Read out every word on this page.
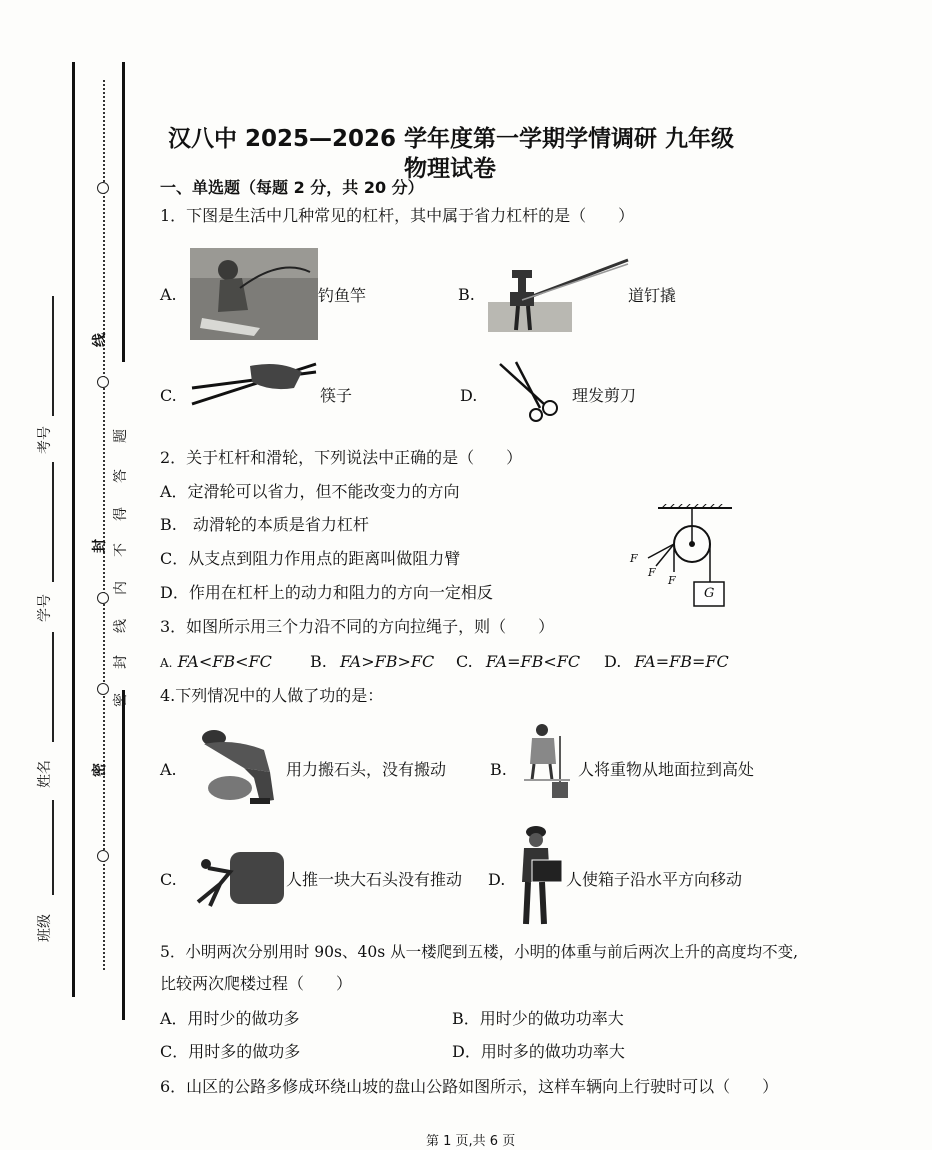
线
封
密
题
答
得
不
内
线
封
密
考号
学号
姓名
班级
汉八中 2025—2026 学年度第一学期学情调研 九年级
物理试卷
一、单选题（每题 2 分，共 20 分）
1．下图是生活中几种常见的杠杆，其中属于省力杠杆的是（　　）
A.	钓鱼竿	B.	道钉撬
C.	筷子	D.	理发剪刀
2．关于杠杆和滑轮，下列说法中正确的是（　　）
A．定滑轮可以省力，但不能改变力的方向
B.　动滑轮的本质是省力杠杆
C．从支点到阻力作用点的距离叫做阻力臂
D．作用在杠杆上的动力和阻力的方向一定相反
F
F
F
G
3．如图所示用三个力沿不同的方向拉绳子，则（　　）
A. FA<FB<FC B. FA>FB>FC C. FA=FB<FC D. FA=FB=FC
4.下列情况中的人做了功的是：
A.	用力搬石头，没有搬动	B.	人将重物从地面拉到高处
C.	人推一块大石头没有推动 D.	人使箱子沿水平方向移动
5．小明两次分别用时 90s、40s 从一楼爬到五楼，小明的体重与前后两次上升的高度均不变,
比较两次爬楼过程（　　）
A．用时少的做功多	B．用时少的做功功率大
C．用时多的做功多	D．用时多的做功功率大
6．山区的公路多修成环绕山坡的盘山公路如图所示，这样车辆向上行驶时可以（　　）
第 1 页,共 6 页
